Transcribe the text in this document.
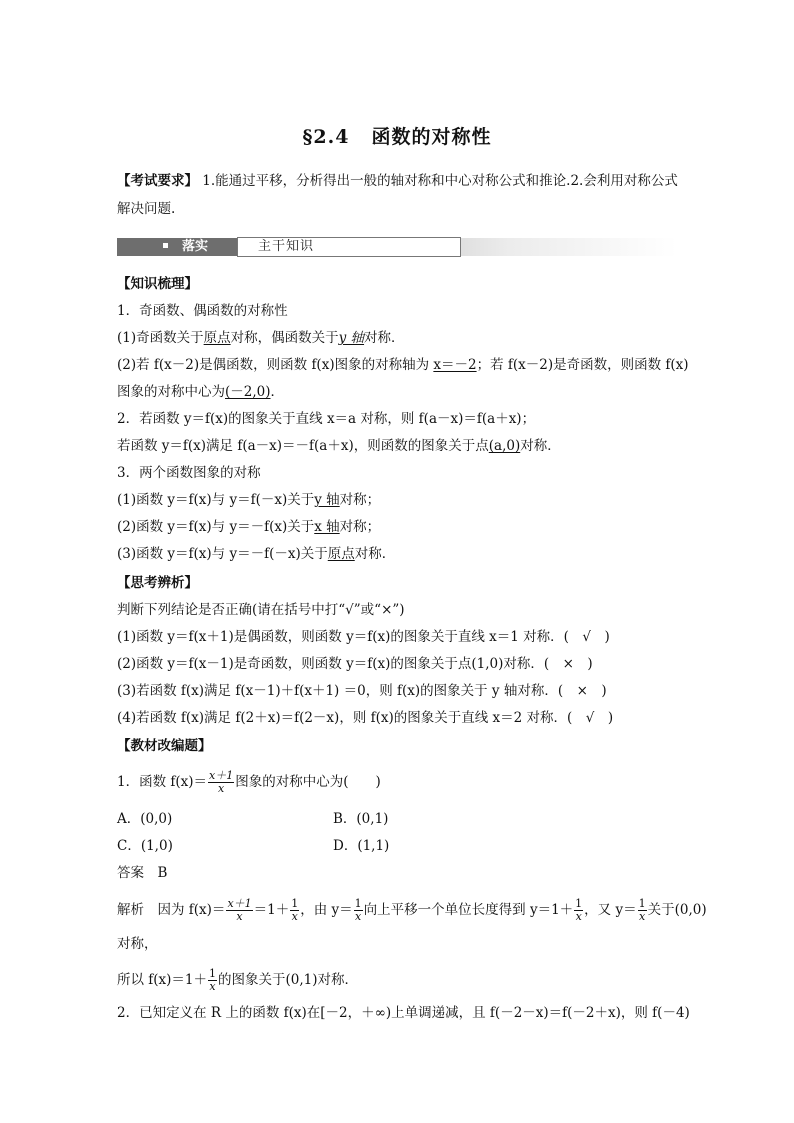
§2.4 函数的对称性
【考试要求】 1.能通过平移，分析得出一般的轴对称和中心对称公式和推论.2.会利用对称公式
解决问题.
落实	主干知识
【知识梳理】
1．奇函数、偶函数的对称性
(1)奇函数关于原点对称，偶函数关于y 轴对称．
(2)若 f(x－2)是偶函数，则函数 f(x)图象的对称轴为 x＝－2；若 f(x－2)是奇函数，则函数 f(x)
图象的对称中心为(－2,0)．
2．若函数 y＝f(x)的图象关于直线 x＝a 对称，则 f(a－x)＝f(a＋x)；
若函数 y＝f(x)满足 f(a－x)＝－f(a＋x)，则函数的图象关于点(a,0)对称．
3．两个函数图象的对称
(1)函数 y＝f(x)与 y＝f(－x)关于y 轴对称；
(2)函数 y＝f(x)与 y＝－f(x)关于x 轴对称；
(3)函数 y＝f(x)与 y＝－f(－x)关于原点对称．
【思考辨析】
判断下列结论是否正确(请在括号中打“√”或“×”)
(1)函数 y＝f(x＋1)是偶函数，则函数 y＝f(x)的图象关于直线 x＝1 对称．(　√　)
(2)函数 y＝f(x－1)是奇函数，则函数 y＝f(x)的图象关于点(1,0)对称．(　×　)
(3)若函数 f(x)满足 f(x－1)＋f(x＋1) ＝0，则 f(x)的图象关于 y 轴对称．(　×　)
(4)若函数 f(x)满足 f(2＋x)＝f(2－x)，则 f(x)的图象关于直线 x＝2 对称．(　√　)
【教材改编题】
1．函数 $f(x)= \frac{x+1}{x}$ 图象的对称中心为(　　)
A．(0,0)	B．(0,1)
C．(1,0)	D．(1,1)
答案　B
解析　因为 $f(x)= \frac{x+1}{x} =1+ \frac{1}{x}$ ，由 $y= \frac{1}{x}$ 向上平移一个单位长度得到 $y=1+ \frac{1}{x}$ ，又 $y= \frac{1}{x}$ 关于(0,0)
对称，
所以 $f(x)=1+ \frac{1}{x}$ 的图象关于(0,1)对称．
2．已知定义在 R 上的函数 f(x)在[－2，＋∞)上单调递减，且 f(－2－x)＝f(－2＋x)，则 f(－4)
